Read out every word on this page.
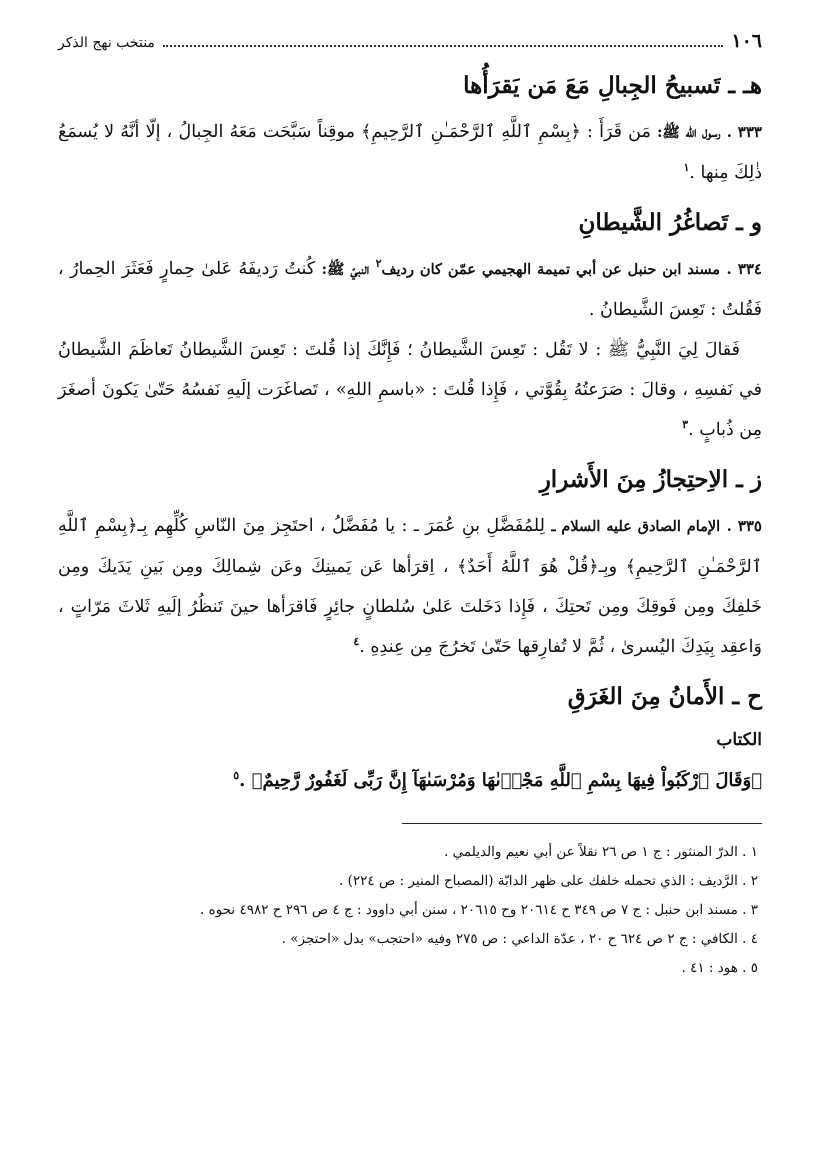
١٠٦
منتخب نهج الذكر
هـ ـ تَسبيحُ الجِبالِ مَعَ مَن يَقرَأُها

٣٣٣ . رسول الله ﷺ: مَن قَرَأَ : ﴿بِسْمِ ٱللَّهِ ٱلرَّحْمَـٰنِ ٱلرَّحِيمِ﴾ موقِناً سَبَّحَت مَعَهُ الجِبالُ ، إلّا أنَّهُ لا يُسمَعُ ذٰلِكَ مِنها .$^١$

و ـ تَصاغُرُ الشَّيطانِ

٣٣٤ . مسند ابن حنبل عن أبي تميمة الهجيمي عمّن كان رديف$^٢$ النبيّ ﷺ: كُنتُ رَديفَهُ عَلىٰ حِمارٍ فَعَثَرَ الحِمارُ ، فَقُلتُ : تَعِسَ الشَّيطانُ .

فَقالَ لِيَ النَّبِيُّ ﷺ : لا تَقُل : تَعِسَ الشَّيطانُ ؛ فَإِنَّكَ إذا قُلتَ : تَعِسَ الشَّيطانُ تَعاظَمَ الشَّيطانُ في نَفسِهِ ، وقالَ : صَرَعتُهُ بِقُوَّتي ، فَإِذا قُلتَ : «باسمِ اللهِ» ، تَصاغَرَت إلَيهِ نَفسُهُ حَتّىٰ يَكونَ أصغَرَ مِن ذُبابٍ .$^٣$

ز ـ الاِحتِجازُ مِنَ الأَشرارِ

٣٣٥ . الإمام الصادق عليه السلام ـ لِلمُفَضَّلِ بنِ عُمَرَ ـ : يا مُفَضَّلُ ، احتَجِز مِنَ النّاسِ كُلِّهِم بِـ﴿بِسْمِ ٱللَّهِ ٱلرَّحْمَـٰنِ ٱلرَّحِيمِ﴾ وبِـ﴿قُلْ هُوَ ٱللَّهُ أَحَدٌ﴾ ، اِقرَأها عَن يَمينِكَ وعَن شِمالِكَ ومِن بَينِ يَدَيكَ ومِن خَلفِكَ ومِن فَوقِكَ ومِن تَحتِكَ ، فَإِذا دَخَلتَ عَلىٰ سُلطانٍ جائِرٍ فَاقرَأها حينَ تَنظُرُ إلَيهِ ثَلاثَ مَرّاتٍ ، وَاعقِد بِيَدِكَ اليُسرىٰ ، ثُمَّ لا تُفارِقها حَتّىٰ تَخرُجَ مِن عِندِهِ .$^٤$

ح ـ الأَمانُ مِنَ الغَرَقِ
الكتاب

﴿وَقَالَ ٱرْكَبُواْ فِيهَا بِسْمِ ٱللَّهِ مَجْر۪ىٰهَا وَمُرْسَىٰهَآ إِنَّ رَبِّى لَغَفُورٌ رَّحِيمٌ﴾ .$^٥$

١ . الدرّ المنثور : ج ١ ص ٢٦ نقلاً عن أبي نعيم والديلمي .

٢ . الرَّديف : الذي تحمله خلفك على ظهر الدابّة (المصباح المنير : ص ٢٢٤) .

٣ . مسند ابن حنبل : ج ٧ ص ٣٤٩ ح ٢٠٦١٤ وح ٢٠٦١٥ ، سنن أبي داوود : ج ٤ ص ٢٩٦ ح ٤٩٨٢ نحوه .

٤ . الكافي : ج ٢ ص ٦٢٤ ح ٢٠ ، عدّة الداعي : ص ٢٧٥ وفيه «احتجب» بدل «احتجز» .

٥ . هود : ٤١ .
